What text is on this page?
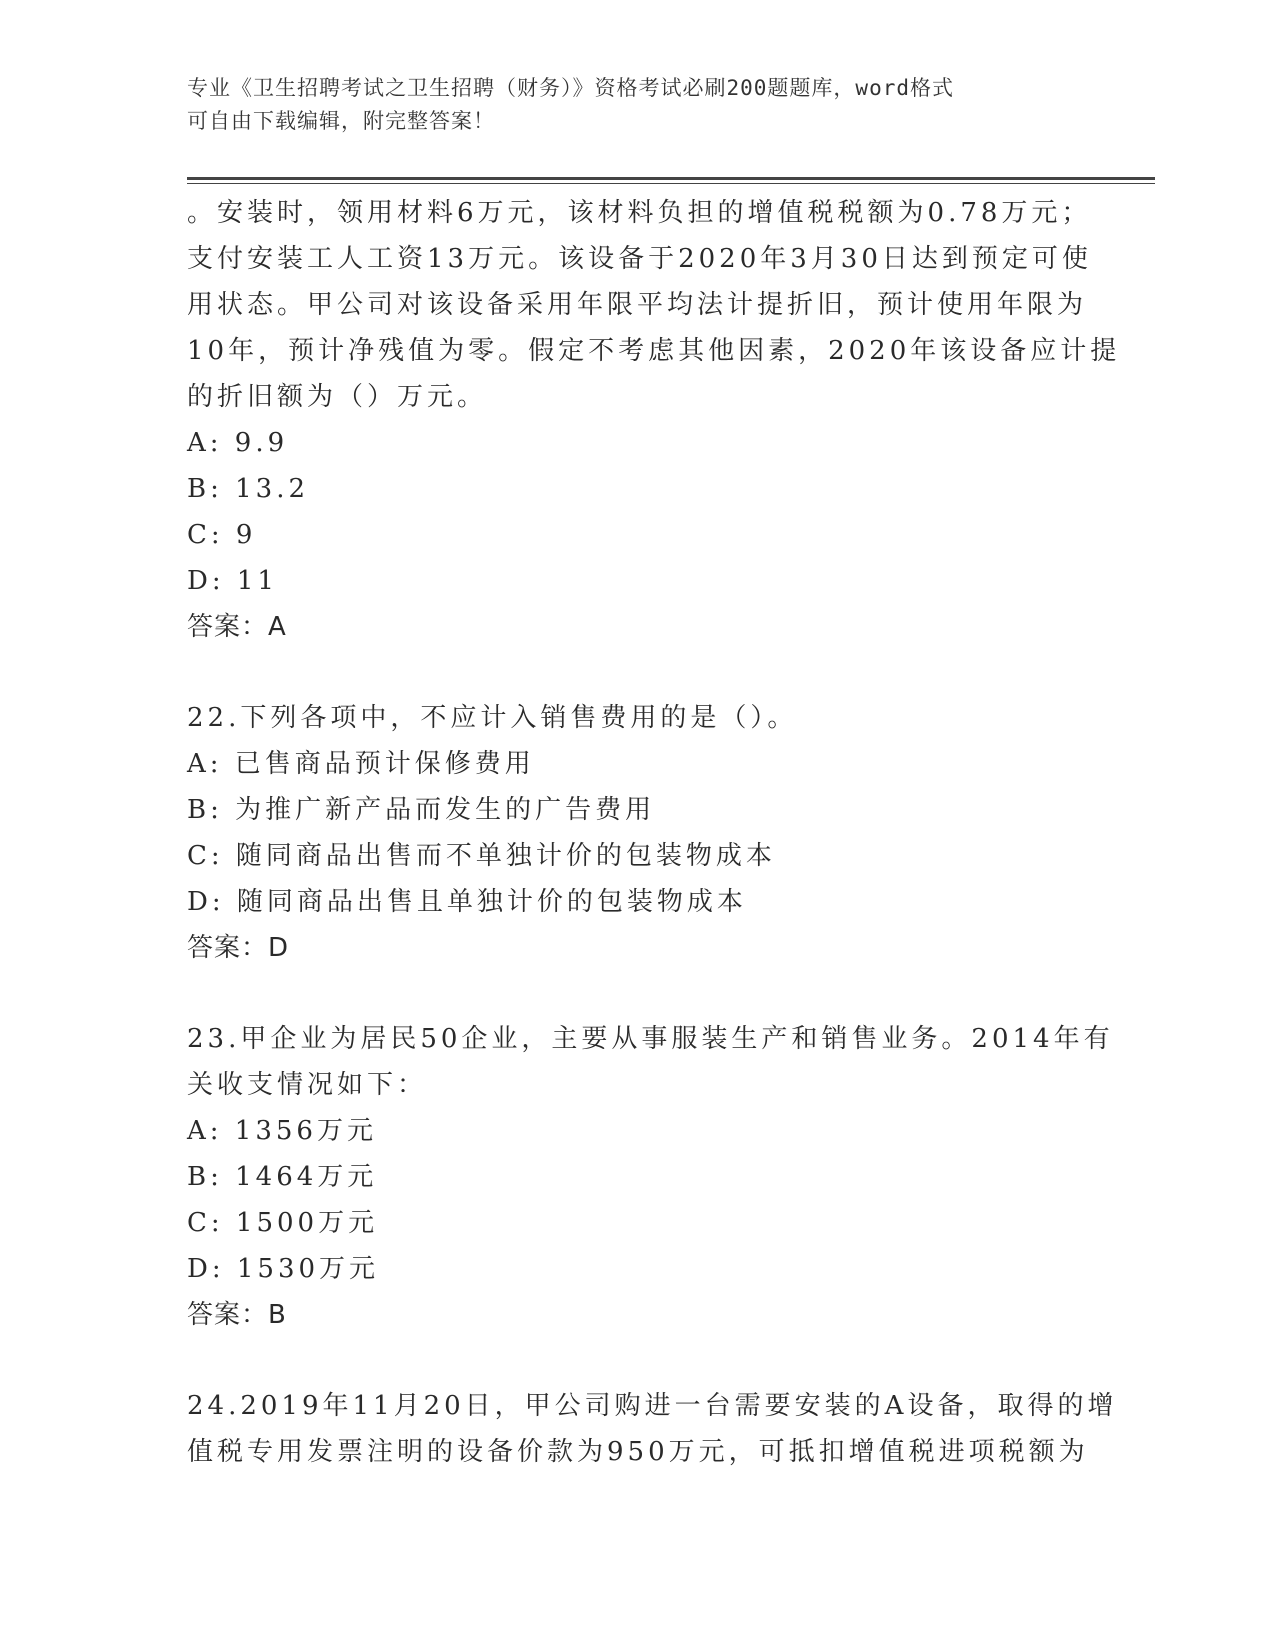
专业《卫生招聘考试之卫生招聘（财务）》资格考试必刷200题题库，word格式
可自由下载编辑，附完整答案！
。安装时，领用材料6万元，该材料负担的增值税税额为0.78万元；
支付安装工人工资13万元。该设备于2020年3月30日达到预定可使
用状态。甲公司对该设备采用年限平均法计提折旧，预计使用年限为
10年，预计净残值为零。假定不考虑其他因素，2020年该设备应计提
的折旧额为（）万元。
A: 9.9
B: 13.2
C: 9
D: 11
答案：A
22.下列各项中，不应计入销售费用的是（）。
A: 已售商品预计保修费用
B: 为推广新产品而发生的广告费用
C: 随同商品出售而不单独计价的包装物成本
D: 随同商品出售且单独计价的包装物成本
答案：D
23.甲企业为居民50企业，主要从事服装生产和销售业务。2014年有
关收支情况如下：
A: 1356万元
B: 1464万元
C: 1500万元
D: 1530万元
答案：B
24.2019年11月20日，甲公司购进一台需要安装的A设备，取得的增
值税专用发票注明的设备价款为950万元，可抵扣增值税进项税额为
